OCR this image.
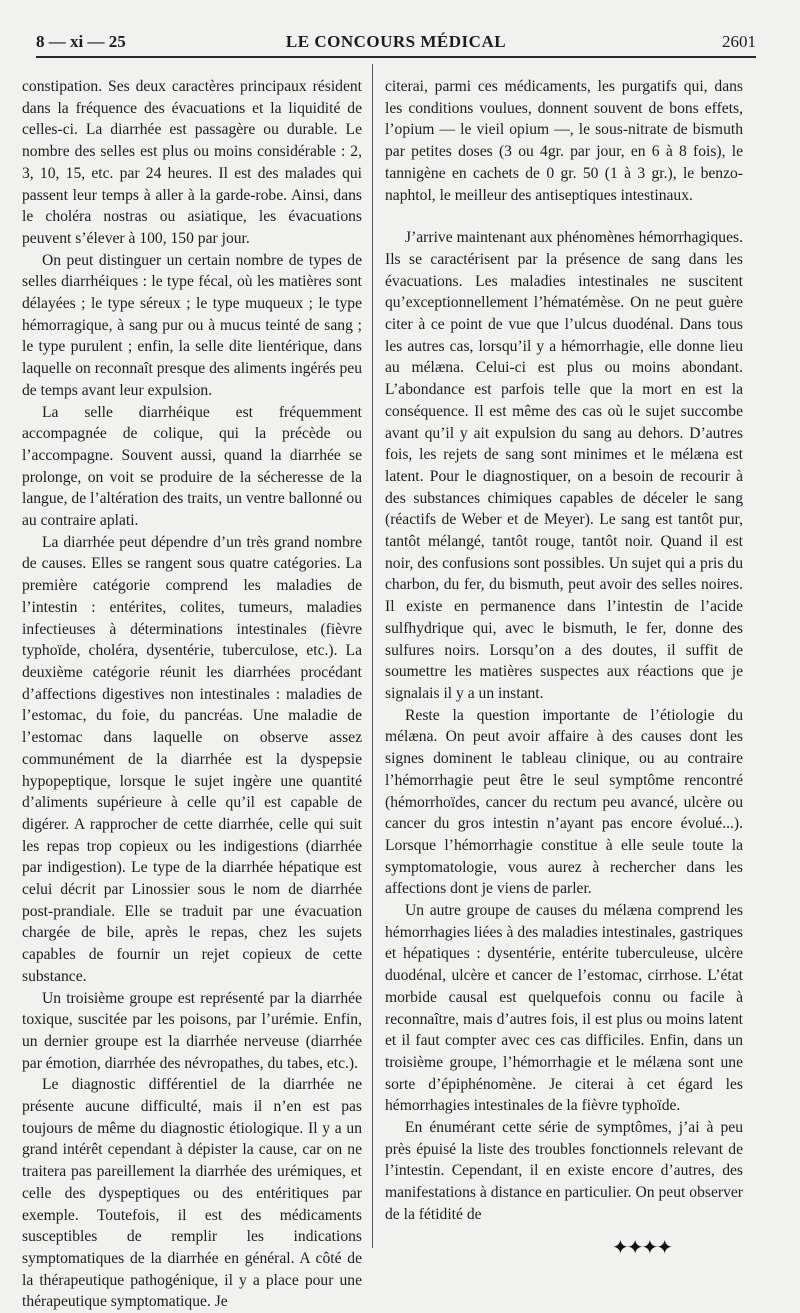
8 — xi — 25	LE CONCOURS MÉDICAL	2601

constipation. Ses deux caractères principaux résident dans la fréquence des évacuations et la liquidité de celles-ci. La diarrhée est passagère ou durable. Le nombre des selles est plus ou moins considérable : 2, 3, 10, 15, etc. par 24 heures. Il est des malades qui passent leur temps à aller à la garde-robe. Ainsi, dans le choléra nostras ou asiatique, les évacuations peuvent s’élever à 100, 150 par jour.

On peut distinguer un certain nombre de types de selles diarrhéiques : le type fécal, où les matières sont délayées ; le type séreux ; le type muqueux ; le type hémorragique, à sang pur ou à mucus teinté de sang ; le type purulent ; enfin, la selle dite lientérique, dans laquelle on reconnaît presque des aliments ingérés peu de temps avant leur expulsion.

La selle diarrhéique est fréquemment accompagnée de colique, qui la précède ou l’accompagne. Souvent aussi, quand la diarrhée se prolonge, on voit se produire de la sécheresse de la langue, de l’altération des traits, un ventre ballonné ou au contraire aplati.

La diarrhée peut dépendre d’un très grand nombre de causes. Elles se rangent sous quatre catégories. La première catégorie comprend les maladies de l’intestin : entérites, colites, tumeurs, maladies infectieuses à déterminations intestinales (fièvre typhoïde, choléra, dysentérie, tuberculose, etc.). La deuxième catégorie réunit les diarrhées procédant d’affections digestives non intestinales : maladies de l’estomac, du foie, du pancréas. Une maladie de l’estomac dans laquelle on observe assez communément de la diarrhée est la dyspepsie hypopeptique, lorsque le sujet ingère une quantité d’aliments supérieure à celle qu’il est capable de digérer. A rapprocher de cette diarrhée, celle qui suit les repas trop copieux ou les indigestions (diarrhée par indigestion). Le type de la diarrhée hépatique est celui décrit par Linossier sous le nom de diarrhée post-prandiale. Elle se traduit par une évacuation chargée de bile, après le repas, chez les sujets capables de fournir un rejet copieux de cette substance.

Un troisième groupe est représenté par la diarrhée toxique, suscitée par les poisons, par l’urémie. Enfin, un dernier groupe est la diarrhée nerveuse (diarrhée par émotion, diarrhée des névropathes, du tabes, etc.).

Le diagnostic différentiel de la diarrhée ne présente aucune difficulté, mais il n’en est pas toujours de même du diagnostic étiologique. Il y a un grand intérêt cependant à dépister la cause, car on ne traitera pas pareillement la diarrhée des urémiques, et celle des dyspeptiques ou des entéritiques par exemple. Toutefois, il est des médicaments susceptibles de remplir les indications symptomatiques de la diarrhée en général. A côté de la thérapeutique pathogénique, il y a place pour une thérapeutique symptomatique. Je

citerai, parmi ces médicaments, les purgatifs qui, dans les conditions voulues, donnent souvent de bons effets, l’opium — le vieil opium —, le sous-nitrate de bismuth par petites doses (3 ou 4gr. par jour, en 6 à 8 fois), le tannigène en cachets de 0 gr. 50 (1 à 3 gr.), le benzo-naphtol, le meilleur des antiseptiques intestinaux.

J’arrive maintenant aux phénomènes hémorrhagiques. Ils se caractérisent par la présence de sang dans les évacuations. Les maladies intestinales ne suscitent qu’exceptionnellement l’hématémèse. On ne peut guère citer à ce point de vue que l’ulcus duodénal. Dans tous les autres cas, lorsqu’il y a hémorrhagie, elle donne lieu au mélæna. Celui-ci est plus ou moins abondant. L’abondance est parfois telle que la mort en est la conséquence. Il est même des cas où le sujet succombe avant qu’il y ait expulsion du sang au dehors. D’autres fois, les rejets de sang sont minimes et le mélæna est latent. Pour le diagnostiquer, on a besoin de recourir à des substances chimiques capables de déceler le sang (réactifs de Weber et de Meyer). Le sang est tantôt pur, tantôt mélangé, tantôt rouge, tantôt noir. Quand il est noir, des confusions sont possibles. Un sujet qui a pris du charbon, du fer, du bismuth, peut avoir des selles noires. Il existe en permanence dans l’intestin de l’acide sulfhydrique qui, avec le bismuth, le fer, donne des sulfures noirs. Lorsqu’on a des doutes, il suffit de soumettre les matières suspectes aux réactions que je signalais il y a un instant.

Reste la question importante de l’étiologie du mélæna. On peut avoir affaire à des causes dont les signes dominent le tableau clinique, ou au contraire l’hémorrhagie peut être le seul symptôme rencontré (hémorrhoïdes, cancer du rectum peu avancé, ulcère ou cancer du gros intestin n’ayant pas encore évolué...). Lorsque l’hémorrhagie constitue à elle seule toute la symptomatologie, vous aurez à rechercher dans les affections dont je viens de parler.

Un autre groupe de causes du mélæna comprend les hémorrhagies liées à des maladies intestinales, gastriques et hépatiques : dysentérie, entérite tuberculeuse, ulcère duodénal, ulcère et cancer de l’estomac, cirrhose. L’état morbide causal est quelquefois connu ou facile à reconnaître, mais d’autres fois, il est plus ou moins latent et il faut compter avec ces cas difficiles. Enfin, dans un troisième groupe, l’hémorrhagie et le mélæna sont une sorte d’épiphénomène. Je citerai à cet égard les hémorrhagies intestinales de la fièvre typhoïde.

En énumérant cette série de symptômes, j’ai à peu près épuisé la liste des troubles fonctionnels relevant de l’intestin. Cependant, il en existe encore d’autres, des manifestations à distance en particulier. On peut observer de la fétidité de

✦✦✦✦
